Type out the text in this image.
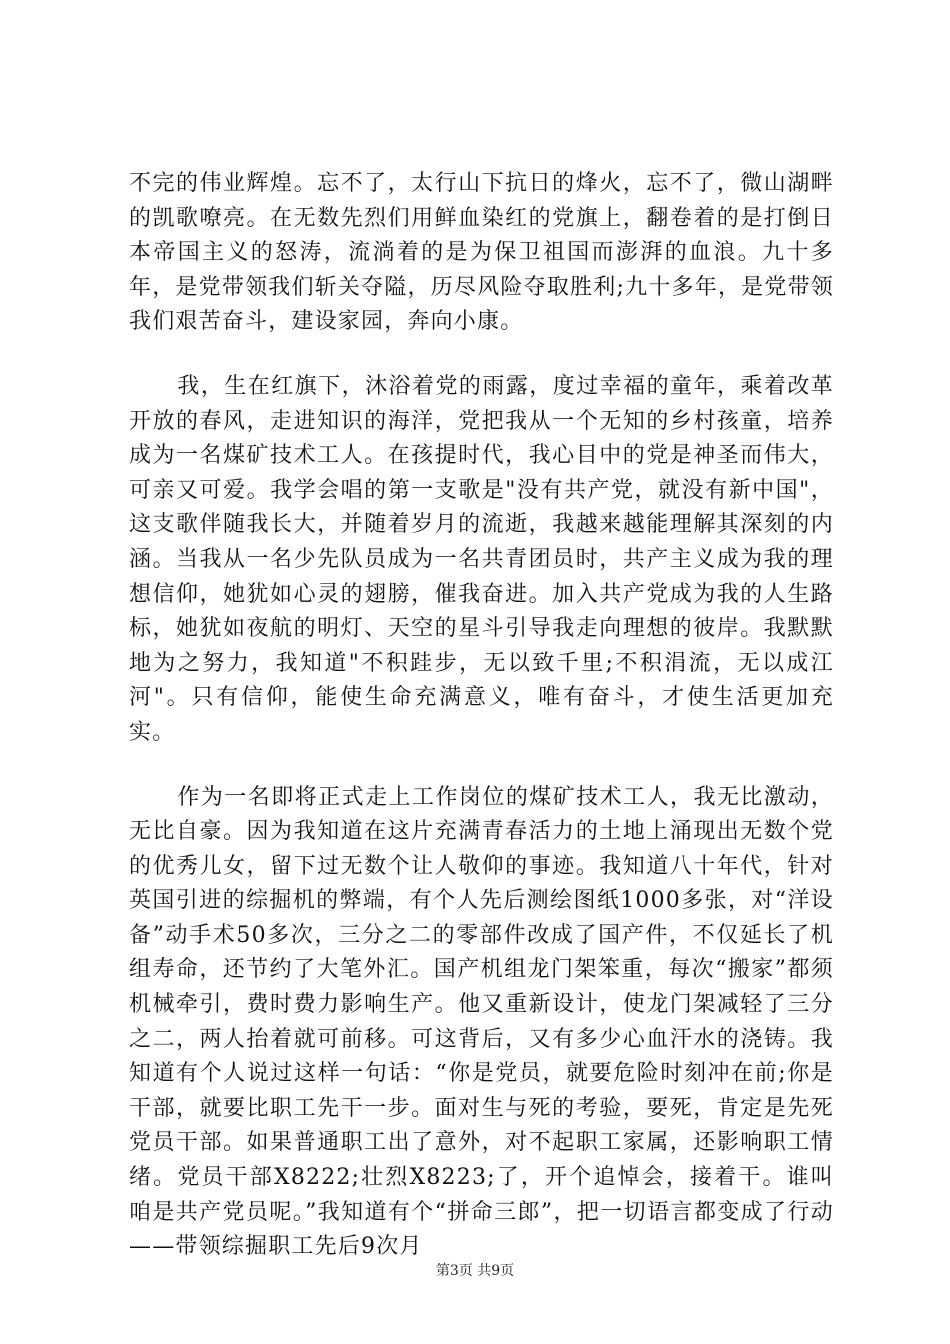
不完的伟业辉煌。忘不了，太行山下抗日的烽火，忘不了，微山湖畔的凯歌嘹亮。在无数先烈们用鲜血染红的党旗上，翻卷着的是打倒日本帝国主义的怒涛，流淌着的是为保卫祖国而澎湃的血浪。九十多年，是党带领我们斩关夺隘，历尽风险夺取胜利;九十多年，是党带领我们艰苦奋斗，建设家园，奔向小康。

我，生在红旗下，沐浴着党的雨露，度过幸福的童年，乘着改革开放的春风，走进知识的海洋，党把我从一个无知的乡村孩童，培养成为一名煤矿技术工人。在孩提时代，我心目中的党是神圣而伟大，可亲又可爱。我学会唱的第一支歌是"没有共产党，就没有新中国"，这支歌伴随我长大，并随着岁月的流逝，我越来越能理解其深刻的内涵。当我从一名少先队员成为一名共青团员时，共产主义成为我的理想信仰，她犹如心灵的翅膀，催我奋进。加入共产党成为我的人生路标，她犹如夜航的明灯、天空的星斗引导我走向理想的彼岸。我默默地为之努力，我知道"不积跬步，无以致千里;不积涓流，无以成江河"。只有信仰，能使生命充满意义，唯有奋斗，才使生活更加充实。

作为一名即将正式走上工作岗位的煤矿技术工人，我无比激动，无比自豪。因为我知道在这片充满青春活力的土地上涌现出无数个党的优秀儿女，留下过无数个让人敬仰的事迹。我知道八十年代，针对英国引进的综掘机的弊端，有个人先后测绘图纸1000多张，对“洋设备”动手术50多次，三分之二的零部件改成了国产件，不仅延长了机组寿命，还节约了大笔外汇。国产机组龙门架笨重，每次“搬家”都须机械牵引，费时费力影响生产。他又重新设计，使龙门架减轻了三分之二，两人抬着就可前移。可这背后，又有多少心血汗水的浇铸。我知道有个人说过这样一句话：“你是党员，就要危险时刻冲在前;你是干部，就要比职工先干一步。面对生与死的考验，要死，肯定是先死党员干部。如果普通职工出了意外，对不起职工家属，还影响职工情绪。党员干部X8222;壮烈X8223;了，开个追悼会，接着干。谁叫咱是共产党员呢。”我知道有个“拼命三郎”，把一切语言都变成了行动——带领综掘职工先后9次月

第3页 共9页
